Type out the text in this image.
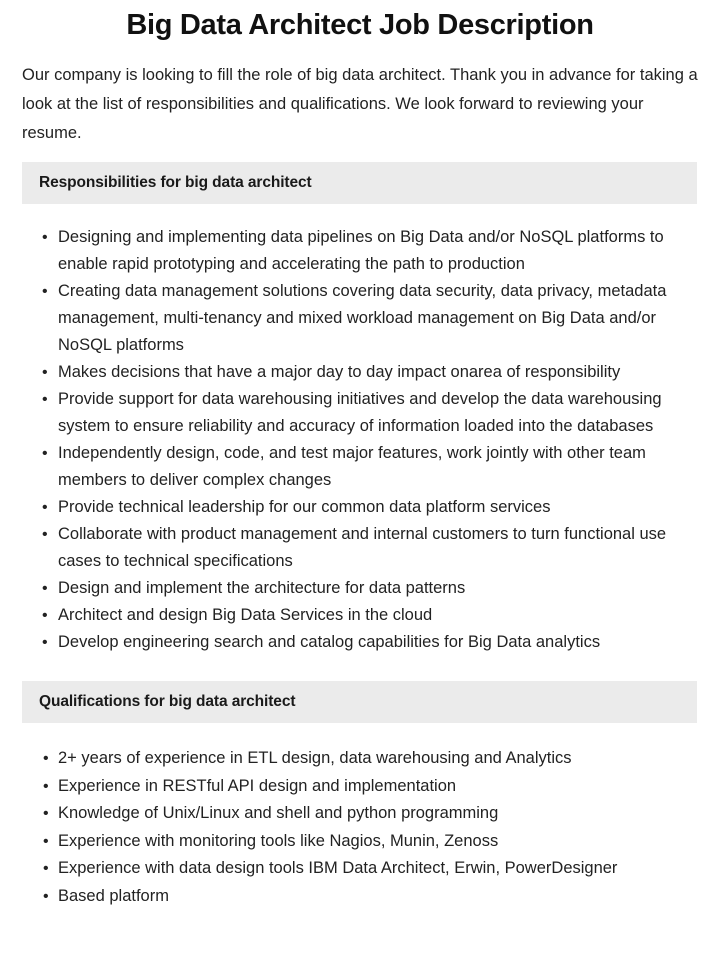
Big Data Architect Job Description

Our company is looking to fill the role of big data architect. Thank you in advance for taking a look at the list of responsibilities and qualifications. We look forward to reviewing your resume.

Responsibilities for big data architect
• Designing and implementing data pipelines on Big Data and/or NoSQL platforms to enable rapid prototyping and accelerating the path to production
• Creating data management solutions covering data security, data privacy, metadata management, multi-tenancy and mixed workload management on Big Data and/or NoSQL platforms
• Makes decisions that have a major day to day impact onarea of responsibility
• Provide support for data warehousing initiatives and develop the data warehousing system to ensure reliability and accuracy of information loaded into the databases
• Independently design, code, and test major features, work jointly with other team members to deliver complex changes
• Provide technical leadership for our common data platform services
• Collaborate with product management and internal customers to turn functional use cases to technical specifications
• Design and implement the architecture for data patterns
• Architect and design Big Data Services in the cloud
• Develop engineering search and catalog capabilities for Big Data analytics
Qualifications for big data architect
• 2+ years of experience in ETL design, data warehousing and Analytics
• Experience in RESTful API design and implementation
• Knowledge of Unix/Linux and shell and python programming
• Experience with monitoring tools like Nagios, Munin, Zenoss
• Experience with data design tools IBM Data Architect, Erwin, PowerDesigner
• Based platform
